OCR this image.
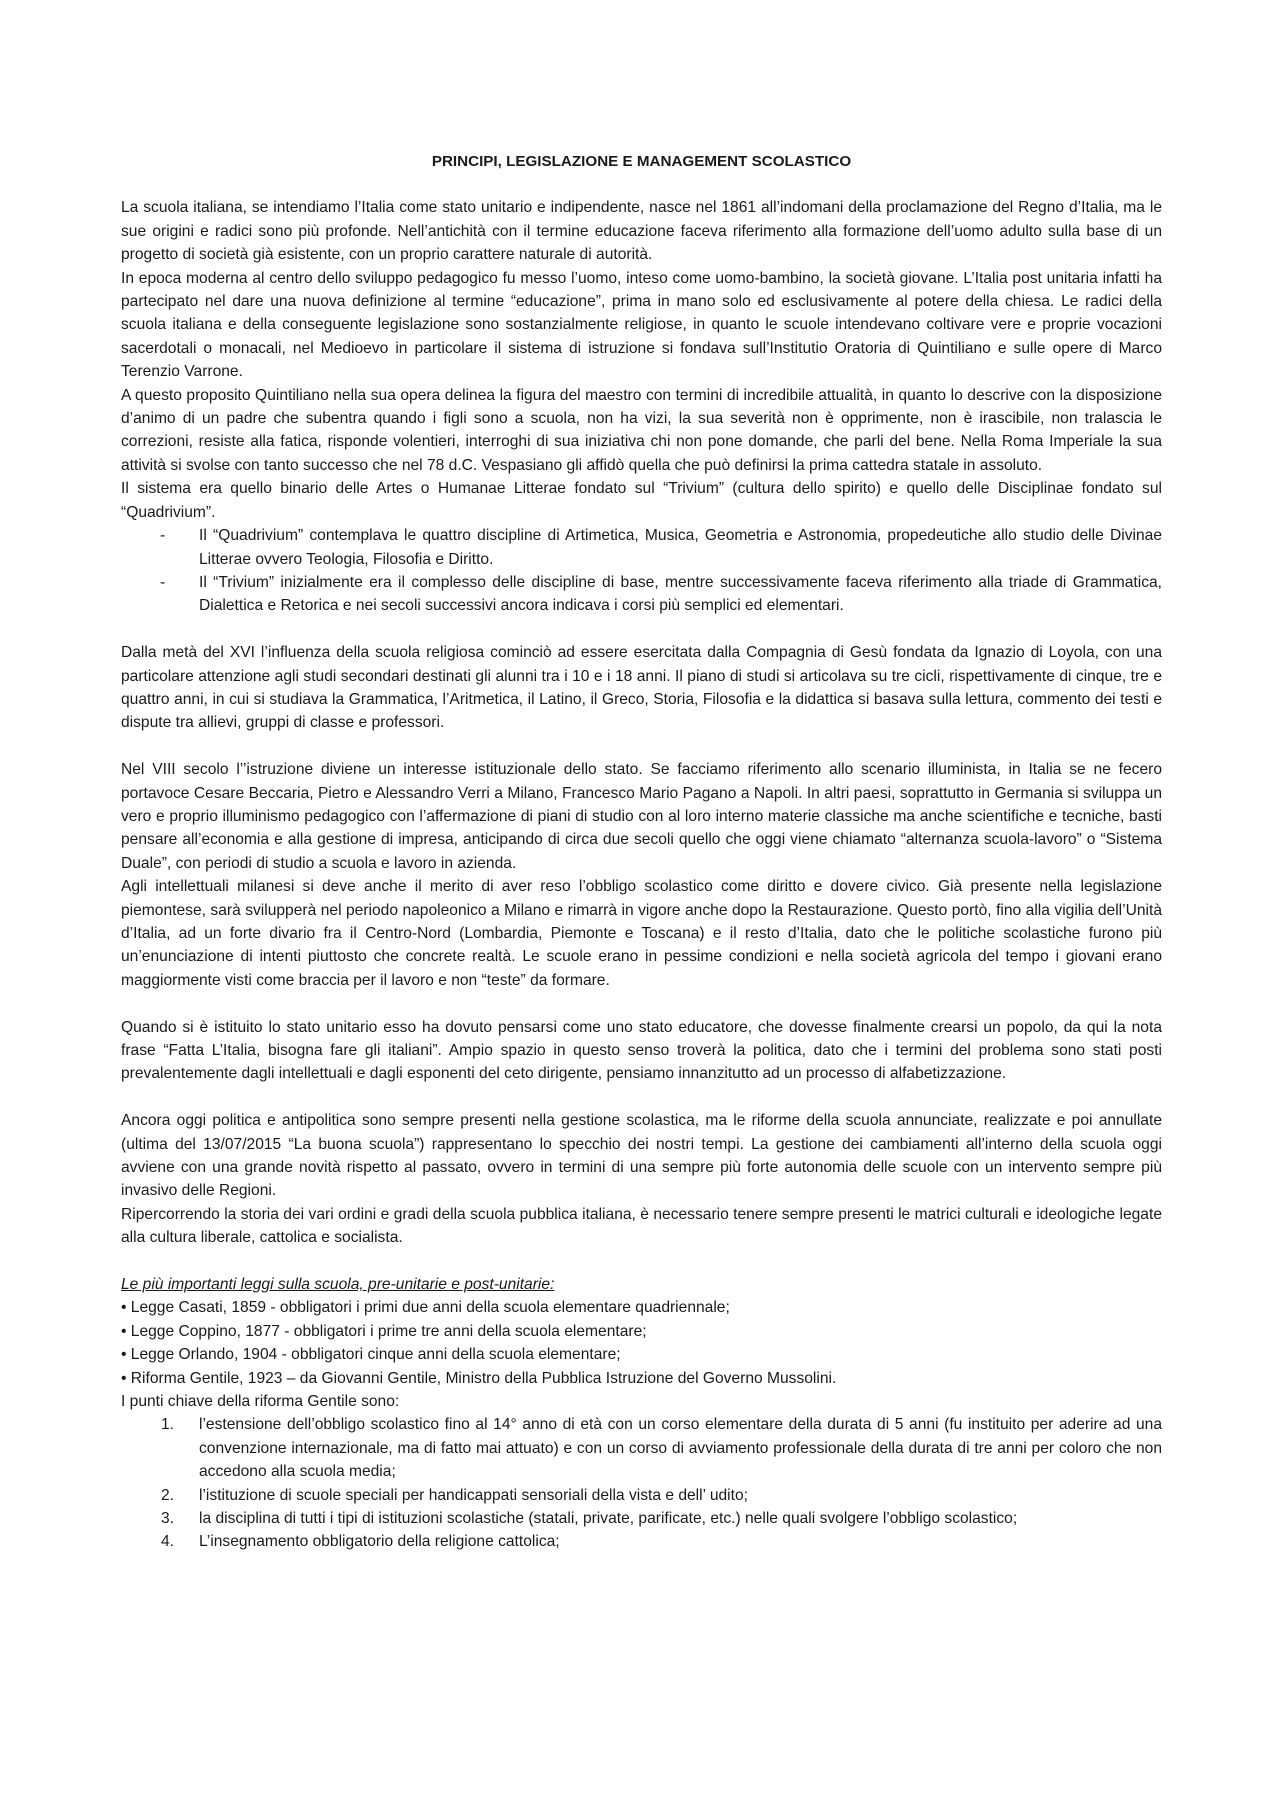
PRINCIPI, LEGISLAZIONE E MANAGEMENT SCOLASTICO

La scuola italiana, se intendiamo l’Italia come stato unitario e indipendente, nasce nel 1861 all’indomani della proclamazione del Regno d’Italia, ma le sue origini e radici sono più profonde. Nell’antichità con il termine educazione faceva riferimento alla formazione dell’uomo adulto sulla base di un progetto di società già esistente, con un proprio carattere naturale di autorità.

In epoca moderna al centro dello sviluppo pedagogico fu messo l’uomo, inteso come uomo-bambino, la società giovane. L’Italia post unitaria infatti ha partecipato nel dare una nuova definizione al termine “educazione”, prima in mano solo ed esclusivamente al potere della chiesa. Le radici della scuola italiana e della conseguente legislazione sono sostanzialmente religiose, in quanto le scuole intendevano coltivare vere e proprie vocazioni sacerdotali o monacali, nel Medioevo in particolare il sistema di istruzione si fondava sull’Institutio Oratoria di Quintiliano e sulle opere di Marco Terenzio Varrone.

A questo proposito Quintiliano nella sua opera delinea la figura del maestro con termini di incredibile attualità, in quanto lo descrive con la disposizione d’animo di un padre che subentra quando i figli sono a scuola, non ha vizi, la sua severità non è opprimente, non è irascibile, non tralascia le correzioni, resiste alla fatica, risponde volentieri, interroghi di sua iniziativa chi non pone domande, che parli del bene. Nella Roma Imperiale la sua attività si svolse con tanto successo che nel 78 d.C. Vespasiano gli affidò quella che può definirsi la prima cattedra statale in assoluto.

Il sistema era quello binario delle Artes o Humanae Litterae fondato sul “Trivium” (cultura dello spirito) e quello delle Disciplinae fondato sul “Quadrivium”.

- Il “Quadrivium” contemplava le quattro discipline di Artimetica, Musica, Geometria e Astronomia, propedeutiche allo studio delle Divinae Litterae ovvero Teologia, Filosofia e Diritto.
- Il “Trivium” inizialmente era il complesso delle discipline di base, mentre successivamente faceva riferimento alla triade di Grammatica, Dialettica e Retorica e nei secoli successivi ancora indicava i corsi più semplici ed elementari.

Dalla metà del XVI l’influenza della scuola religiosa cominciò ad essere esercitata dalla Compagnia di Gesù fondata da Ignazio di Loyola, con una particolare attenzione agli studi secondari destinati gli alunni tra i 10 e i 18 anni. Il piano di studi si articolava su tre cicli, rispettivamente di cinque, tre e quattro anni, in cui si studiava la Grammatica, l’Aritmetica, il Latino, il Greco, Storia, Filosofia e la didattica si basava sulla lettura, commento dei testi e dispute tra allievi, gruppi di classe e professori.

Nel VIII secolo l’’istruzione diviene un interesse istituzionale dello stato. Se facciamo riferimento allo scenario illuminista, in Italia se ne fecero portavoce Cesare Beccaria, Pietro e Alessandro Verri a Milano, Francesco Mario Pagano a Napoli. In altri paesi, soprattutto in Germania si sviluppa un vero e proprio illuminismo pedagogico con l’affermazione di piani di studio con al loro interno materie classiche ma anche scientifiche e tecniche, basti pensare all’economia e alla gestione di impresa, anticipando di circa due secoli quello che oggi viene chiamato “alternanza scuola-lavoro” o “Sistema Duale”, con periodi di studio a scuola e lavoro in azienda.

Agli intellettuali milanesi si deve anche il merito di aver reso l’obbligo scolastico come diritto e dovere civico. Già presente nella legislazione piemontese, sarà svilupperà nel periodo napoleonico a Milano e rimarrà in vigore anche dopo la Restaurazione. Questo portò, fino alla vigilia dell’Unità d’Italia, ad un forte divario fra il Centro-Nord (Lombardia, Piemonte e Toscana) e il resto d’Italia, dato che le politiche scolastiche furono più un’enunciazione di intenti piuttosto che concrete realtà. Le scuole erano in pessime condizioni e nella società agricola del tempo i giovani erano maggiormente visti come braccia per il lavoro e non “teste” da formare.

Quando si è istituito lo stato unitario esso ha dovuto pensarsi come uno stato educatore, che dovesse finalmente crearsi un popolo, da qui la nota frase “Fatta L’Italia, bisogna fare gli italiani”. Ampio spazio in questo senso troverà la politica, dato che i termini del problema sono stati posti prevalentemente dagli intellettuali e dagli esponenti del ceto dirigente, pensiamo innanzitutto ad un processo di alfabetizzazione.

Ancora oggi politica e antipolitica sono sempre presenti nella gestione scolastica, ma le riforme della scuola annunciate, realizzate e poi annullate (ultima del 13/07/2015 “La buona scuola”) rappresentano lo specchio dei nostri tempi. La gestione dei cambiamenti all’interno della scuola oggi avviene con una grande novità rispetto al passato, ovvero in termini di una sempre più forte autonomia delle scuole con un intervento sempre più invasivo delle Regioni.

Ripercorrendo la storia dei vari ordini e gradi della scuola pubblica italiana, è necessario tenere sempre presenti le matrici culturali e ideologiche legate alla cultura liberale, cattolica e socialista.

Le più importanti leggi sulla scuola, pre-unitarie e post-unitarie:

• Legge Casati, 1859 - obbligatori i primi due anni della scuola elementare quadriennale;

• Legge Coppino, 1877 - obbligatori i prime tre anni della scuola elementare;

• Legge Orlando, 1904 - obbligatori cinque anni della scuola elementare;

• Riforma Gentile, 1923 – da Giovanni Gentile, Ministro della Pubblica Istruzione del Governo Mussolini.

I punti chiave della riforma Gentile sono:

1. l’estensione dell’obbligo scolastico fino al 14° anno di età con un corso elementare della durata di 5 anni (fu instituito per aderire ad una convenzione internazionale, ma di fatto mai attuato) e con un corso di avviamento professionale della durata di tre anni per coloro che non accedono alla scuola media;
2. l’istituzione di scuole speciali per handicappati sensoriali della vista e dell’ udito;
3. la disciplina di tutti i tipi di istituzioni scolastiche (statali, private, parificate, etc.) nelle quali svolgere l’obbligo scolastico;
4. L’insegnamento obbligatorio della religione cattolica;
